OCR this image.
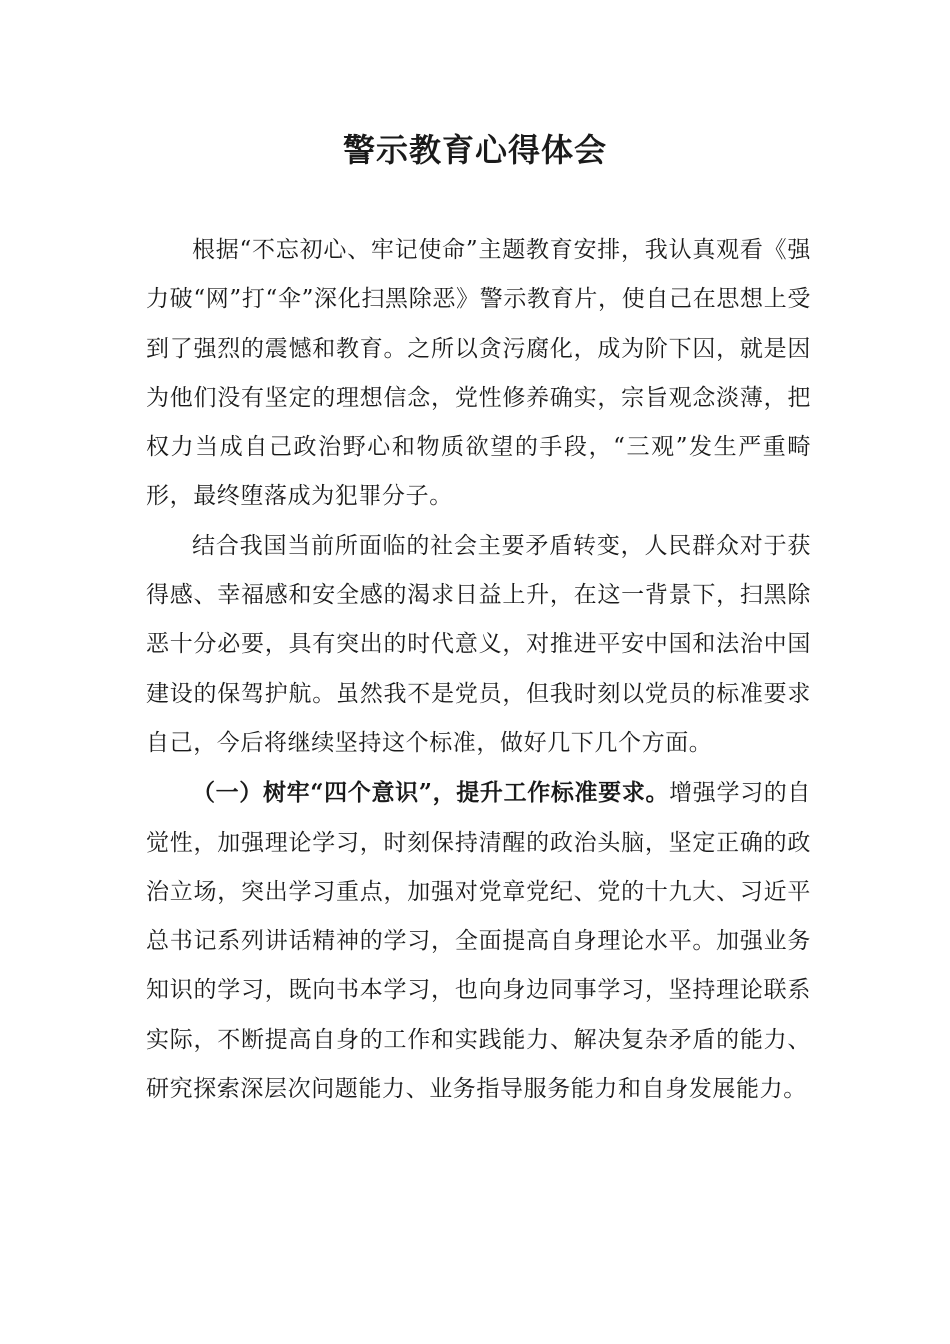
警示教育心得体会

根据“不忘初心、牢记使命”主题教育安排，我认真观看《强力破“网”打“伞”深化扫黑除恶》警示教育片，使自己在思想上受到了强烈的震憾和教育。之所以贪污腐化，成为阶下囚，就是因为他们没有坚定的理想信念，党性修养确实，宗旨观念淡薄，把权力当成自己政治野心和物质欲望的手段，“三观”发生严重畸形，最终堕落成为犯罪分子。

结合我国当前所面临的社会主要矛盾转变，人民群众对于获得感、幸福感和安全感的渴求日益上升，在这一背景下，扫黑除恶十分必要，具有突出的时代意义，对推进平安中国和法治中国建设的保驾护航。虽然我不是党员，但我时刻以党员的标准要求自己，今后将继续坚持这个标准，做好几下几个方面。

（一）树牢“四个意识”，提升工作标准要求。增强学习的自觉性，加强理论学习，时刻保持清醒的政治头脑，坚定正确的政治立场，突出学习重点，加强对党章党纪、党的十九大、习近平总书记系列讲话精神的学习，全面提高自身理论水平。加强业务知识的学习，既向书本学习，也向身边同事学习，坚持理论联系实际，不断提高自身的工作和实践能力、解决复杂矛盾的能力、研究探索深层次问题能力、业务指导服务能力和自身发展能力。
